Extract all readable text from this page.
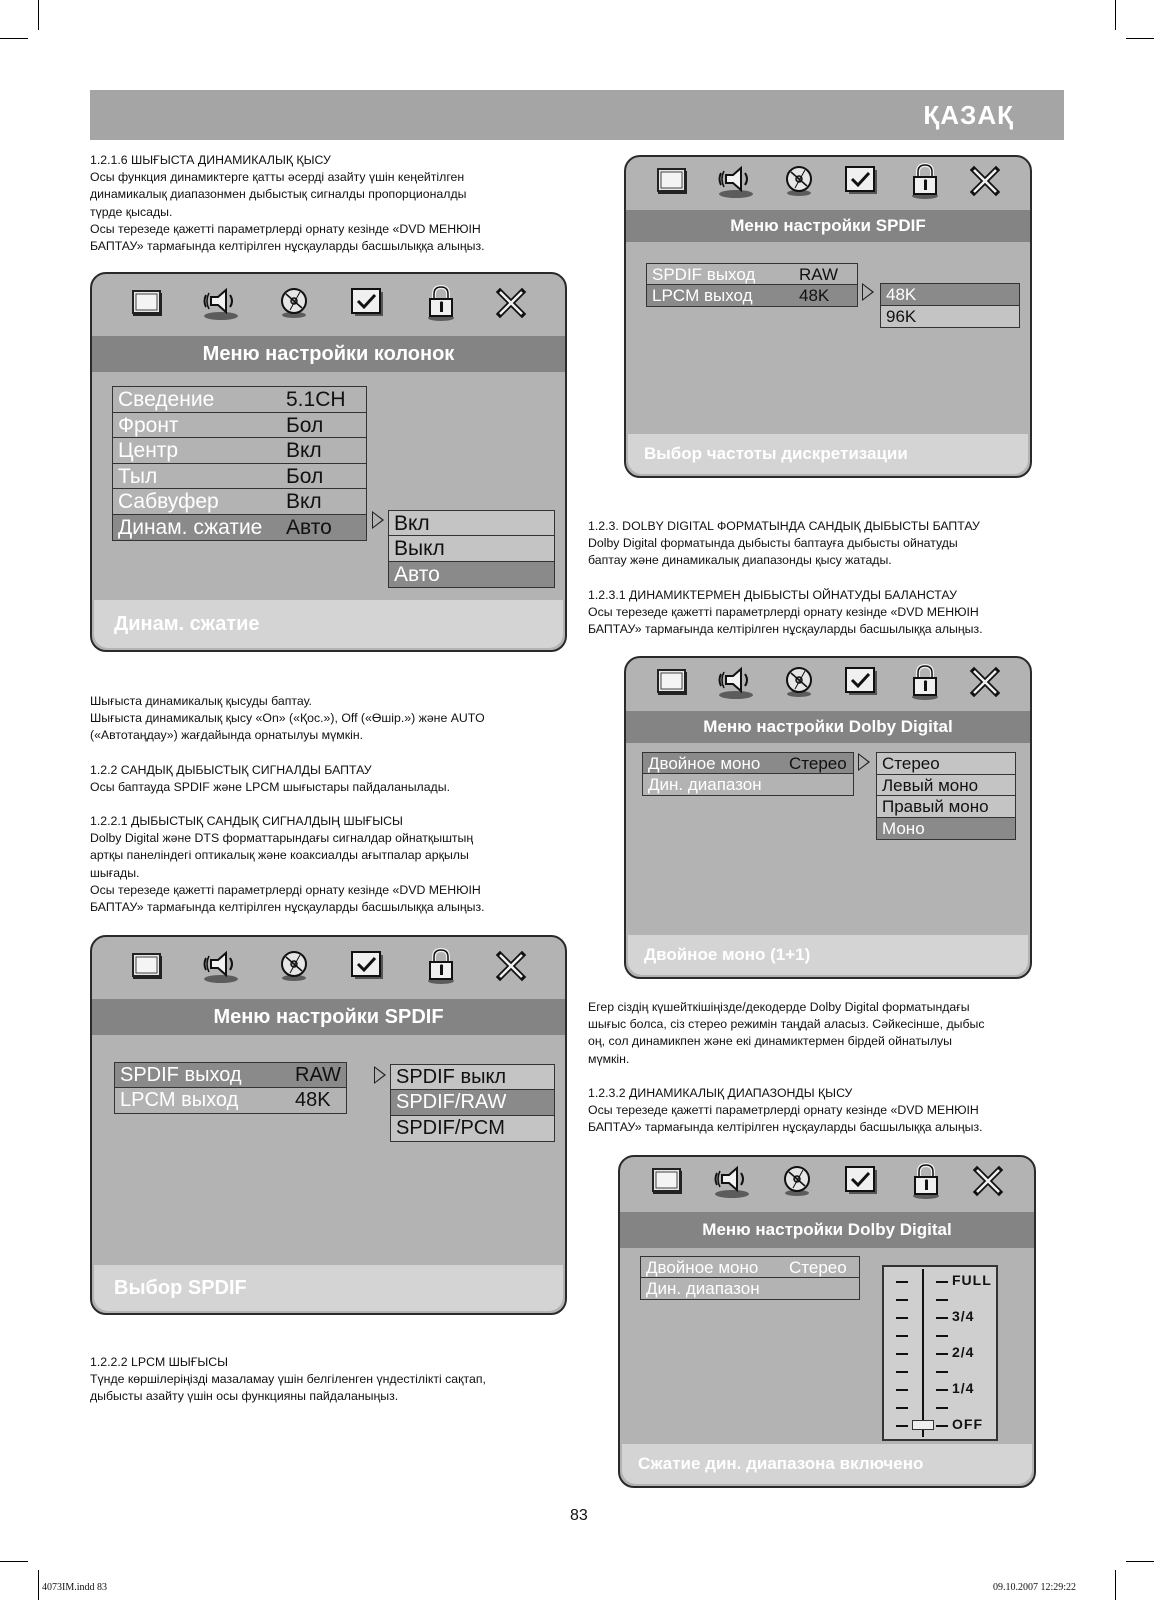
ҚАЗАҚ

1.2.1.6 ШЫҒЫСТА ДИНАМИКАЛЫҚ ҚЫСУ
Осы функция динамиктерге қатты әсерді азайту үшін кеңейтілген
динамикалық диапазонмен дыбыстық сигналды пропорционалды
түрде қысады.
Осы терезеде қажетті параметрлерді орнату кезінде «DVD МЕНЮІН
БАПТАУ» тармағында келтірілген нұсқауларды басшылыққа алыңыз.

Шығыста динамикалық қысуды баптау.
Шығыста динамикалық қысу «On» («Қос.»), Off («Өшір.») және AUTO
(«Автотаңдау») жағдайында орнатылуы мүмкін.

1.2.2 САНДЫҚ ДЫБЫСТЫҚ СИГНАЛДЫ БАПТАУ
Осы баптауда SPDIF және LPCM шығыстары пайдаланылады.

1.2.2.1 ДЫБЫСТЫҚ САНДЫҚ СИГНАЛДЫҢ ШЫҒЫСЫ
Dolby Digital және DTS форматтарындағы сигналдар ойнатқыштың
артқы панеліндегі оптикалық және коаксиалды ағытпалар арқылы
шығады.
Осы терезеде қажетті параметрлерді орнату кезінде «DVD МЕНЮІН
БАПТАУ» тармағында келтірілген нұсқауларды басшылыққа алыңыз.

1.2.2.2 LPCM ШЫҒЫСЫ
Түнде көршілеріңізді мазаламау үшін белгіленген үндестілікті сақтап,
дыбысты азайту үшін осы функцияны пайдаланыңыз.

1.2.3. DOLBY DIGITAL ФОРМАТЫНДА САНДЫҚ ДЫБЫСТЫ БАПТАУ
Dolby Digital форматында дыбысты баптауға дыбысты ойнатуды
баптау және динамикалық диапазонды қысу жатады.

1.2.3.1 ДИНАМИКТЕРМЕН ДЫБЫСТЫ ОЙНАТУДЫ БАЛАНСТАУ
Осы терезеде қажетті параметрлерді орнату кезінде «DVD МЕНЮІН
БАПТАУ» тармағында келтірілген нұсқауларды басшылыққа алыңыз.

Егер сіздің күшейткішіңізде/декодерде Dolby Digital форматындағы
шығыс болса, сіз стерео режимін таңдай аласыз. Сәйкесінше, дыбыс
оң, сол динамикпен және екі динамиктермен бірдей ойнатылуы
мүмкін.

1.2.3.2 ДИНАМИКАЛЫҚ ДИАПАЗОНДЫ ҚЫСУ
Осы терезеде қажетті параметрлерді орнату кезінде «DVD МЕНЮІН
БАПТАУ» тармағында келтірілген нұсқауларды басшылыққа алыңыз.

Меню настройки колонок
Сведение	5.1CH
Фронт	Бол
Центр	Вкл
Тыл	Бол
Сабвуфер	Вкл
Динам. сжатие Авто	Вкл
Выкл
Авто
Динам. сжатие
Меню настройки SPDIF
SPDIF выход	RAW
LPCM выход	48K
SPDIF выкл
SPDIF/RAW
SPDIF/PCM
Выбор SPDIF
Меню настройки SPDIF
SPDIF выход	RAW
LPCM выход	48K	48K
96K
Выбор частоты дискретизации
Меню настройки Dolby Digital
Двойное моно Стерео
Дин. диапазон
Стерео
Левый моно
Правый моно
Моно
Двойное моно (1+1)
Меню настройки Dolby Digital
Двойное моно Стерео
Дин. диапазон	FULL
3/4
2/4
1/4
OFF
Сжатие дин. диапазона включено
83
4073IM.indd 83	09.10.2007 12:29:22
